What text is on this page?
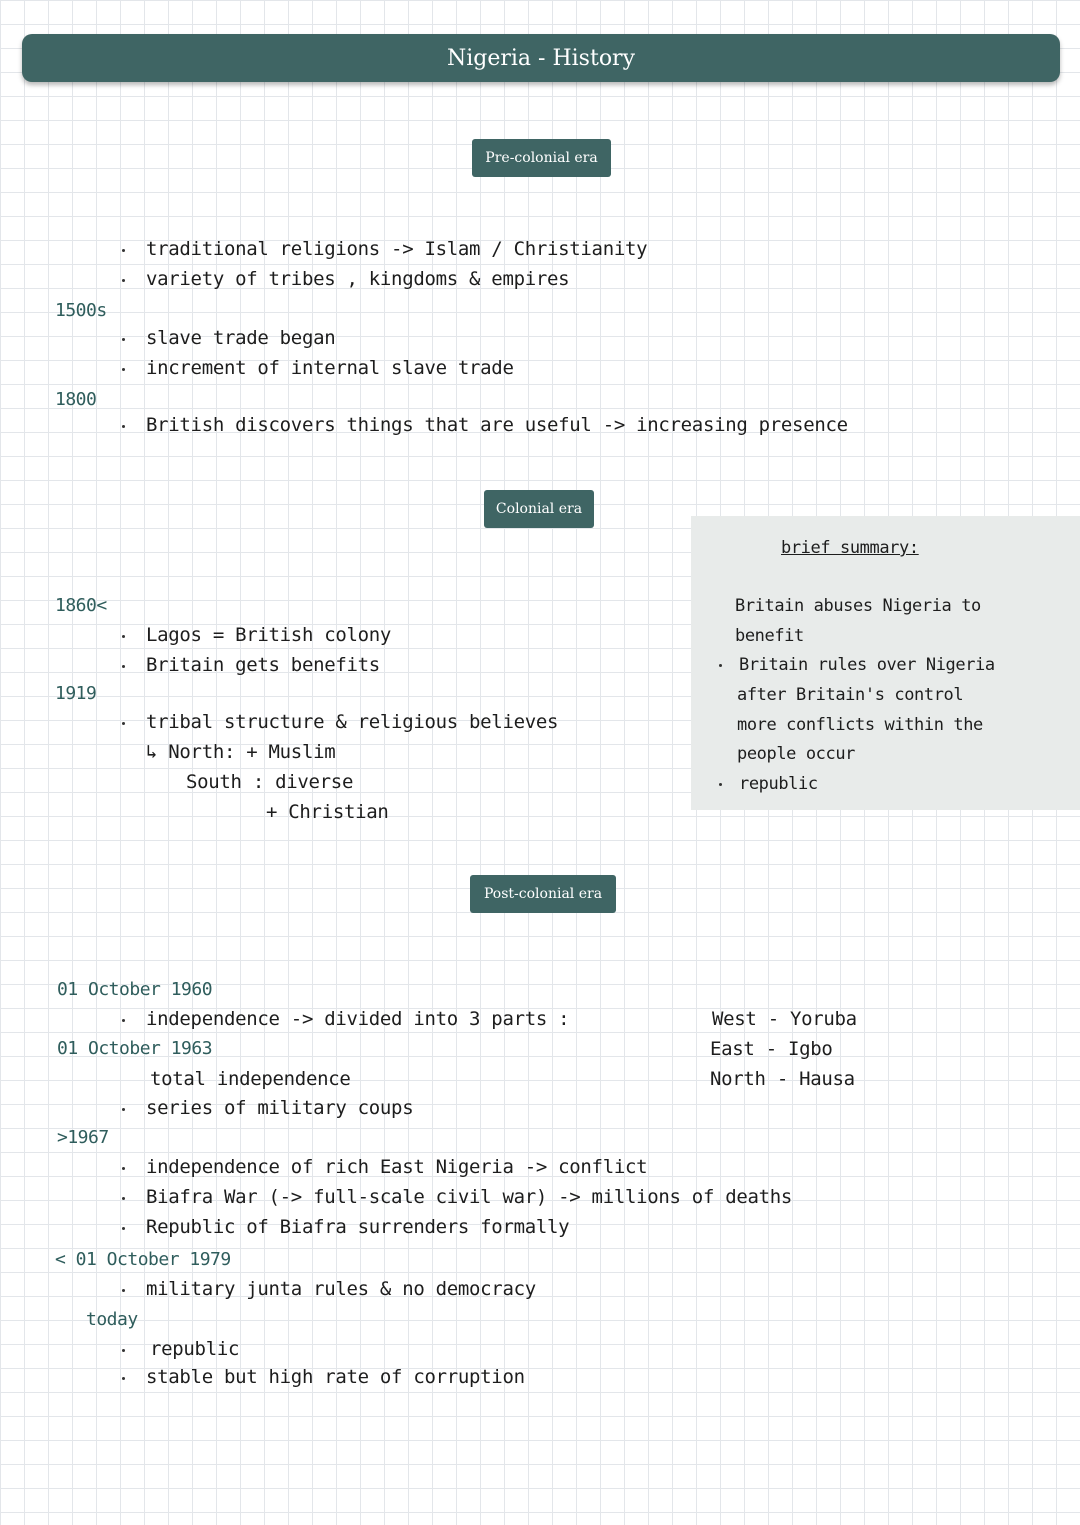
Nigeria - History
Pre-colonial era
traditional religions -> Islam / Christianity
variety of tribes , kingdoms & empires
1500s
slave trade began
increment of internal slave trade
1800
British discovers things that are useful -> increasing presence
Colonial era
1860<
Lagos = British colony
Britain gets benefits
1919
tribal structure & religious believes
↳ North: + Muslim
South : diverse
+ Christian
brief summary:
Britain abuses Nigeria to
benefit
Britain rules over Nigeria
after Britain's control
more conflicts within the
people occur
republic
Post-colonial era
01 October 1960
independence -> divided into 3 parts :	West - Yoruba
East - Igbo
North - Hausa
01 October 1963
total independence
series of military coups
>1967
independence of rich East Nigeria -> conflict
Biafra War (-> full-scale civil war) -> millions of deaths
Republic of Biafra surrenders formally
< 01 October 1979
military junta rules & no democracy
today
republic
stable but high rate of corruption
